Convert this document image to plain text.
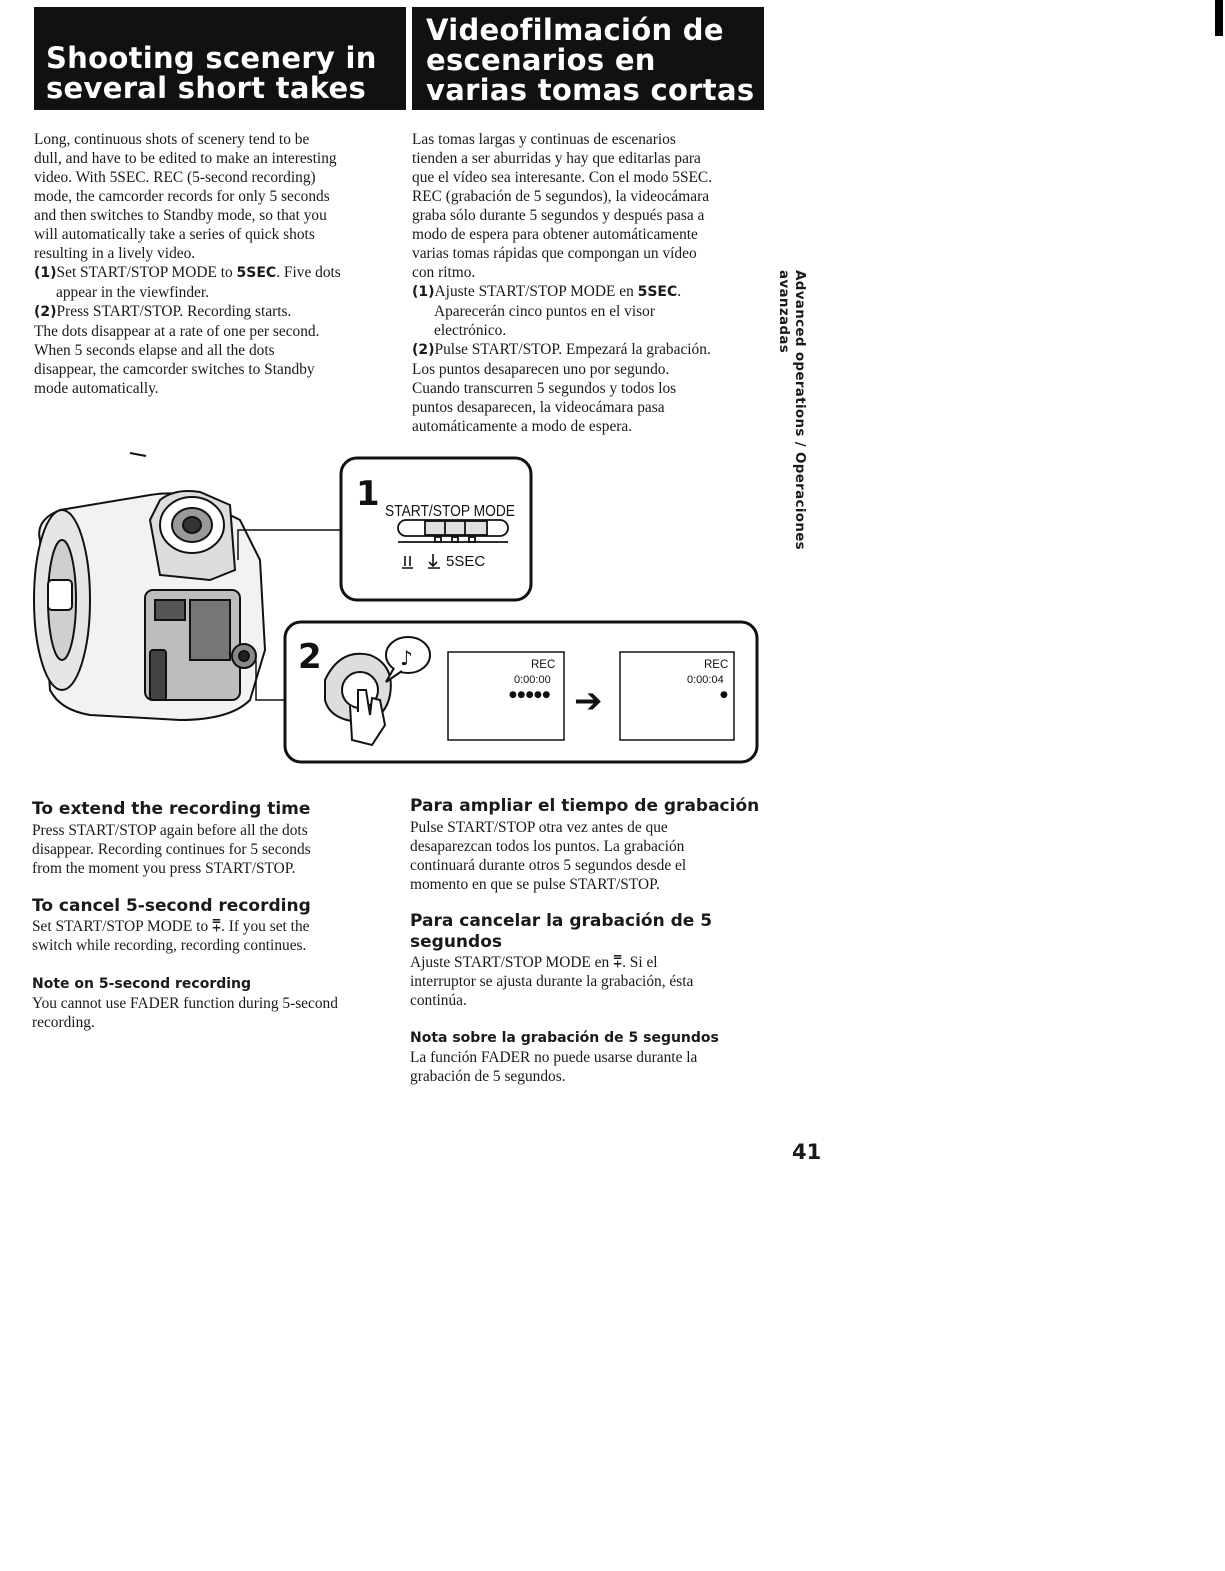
Shooting scenery in several short takes
Videofilmación de escenarios en varias tomas cortas

Long, continuous shots of scenery tend to be

dull, and have to be edited to make an interesting

video. With 5SEC. REC (5-second recording)

mode, the camcorder records for only 5 seconds

and then switches to Standby mode, so that you

will automatically take a series of quick shots

resulting in a lively video.

(1)Set START/STOP MODE to 5SEC. Five dots

appear in the viewfinder.

(2)Press START/STOP. Recording starts.

The dots disappear at a rate of one per second.

When 5 seconds elapse and all the dots

disappear, the camcorder switches to Standby

mode automatically.

Las tomas largas y continuas de escenarios

tienden a ser aburridas y hay que editarlas para

que el vídeo sea interesante. Con el modo 5SEC.

REC (grabación de 5 segundos), la videocámara

graba sólo durante 5 segundos y después pasa a

modo de espera para obtener automáticamente

varias tomas rápidas que compongan un vídeo

con ritmo.

(1)Ajuste START/STOP MODE en 5SEC.

Aparecerán cinco puntos en el visor

electrónico.

(2)Pulse START/STOP. Empezará la grabación.

Los puntos desaparecen uno por segundo.

Cuando transcurren 5 segundos y todos los

puntos desaparecen, la videocámara pasa

automáticamente a modo de espera.	Advanced operations / Operaciones avanzadas
1 START/STOP MODE
5SEC
2	♪	REC
0:00:00
●●●●● ➔
REC
0:00:04
●
To extend the recording time
Press START/STOP again before all the dots
disappear. Recording continues for 5 seconds
from the moment you press START/STOP.
To cancel 5-second recording
Set START/STOP MODE to ⩱. If you set the
switch while recording, recording continues.
Note on 5-second recording
You cannot use FADER function during 5-second
recording.
Para ampliar el tiempo de grabación
Pulse START/STOP otra vez antes de que
desaparezcan todos los puntos. La grabación
continuará durante otros 5 segundos desde el
momento en que se pulse START/STOP.
Para cancelar la grabación de 5
segundos
Ajuste START/STOP MODE en ⩱. Si el
interruptor se ajusta durante la grabación, ésta
continúa.
Nota sobre la grabación de 5 segundos
La función FADER no puede usarse durante la
grabación de 5 segundos.
41
